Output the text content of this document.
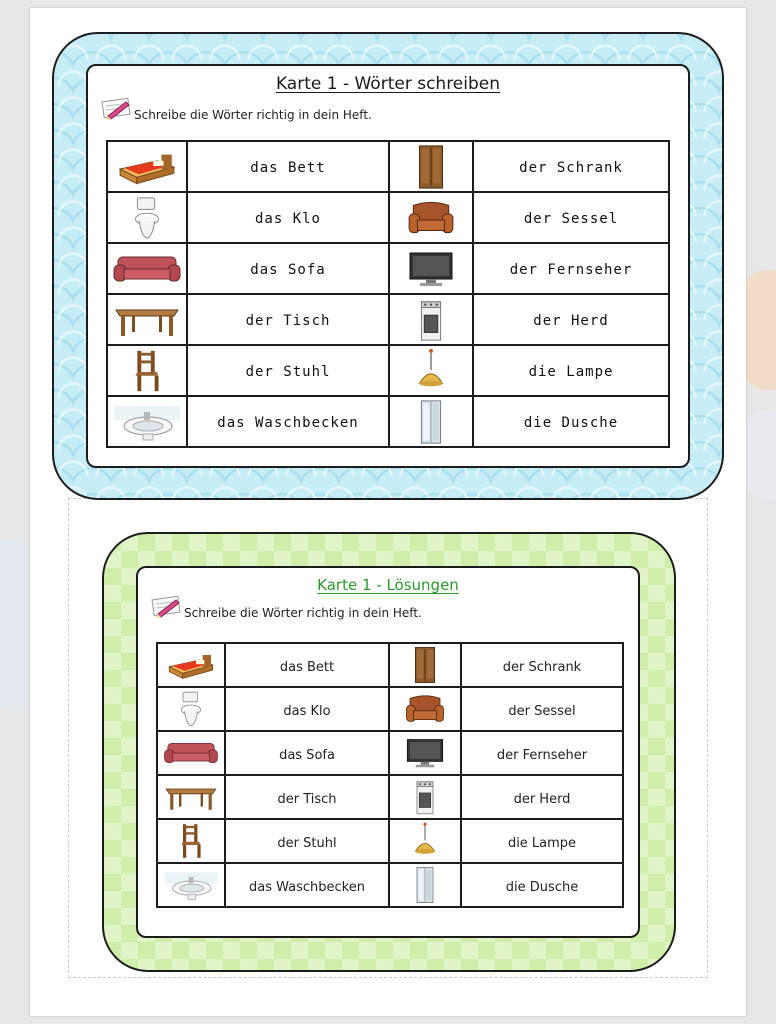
Karte 1 - Wörter schreiben
Schreibe die Wörter richtig in dein Heft.
	das Bett		der Schrank

	das Klo		der Sessel

	das Sofa		der Fernseher

	der Tisch		der Herd

	der Stuhl		die Lampe

	das Waschbecken		die Dusche
Karte 1 - Lösungen
Schreibe die Wörter richtig in dein Heft.
	das Bett		der Schrank

	das Klo		der Sessel

	das Sofa		der Fernseher

	der Tisch		der Herd

	der Stuhl		die Lampe

	das Waschbecken		die Dusche
